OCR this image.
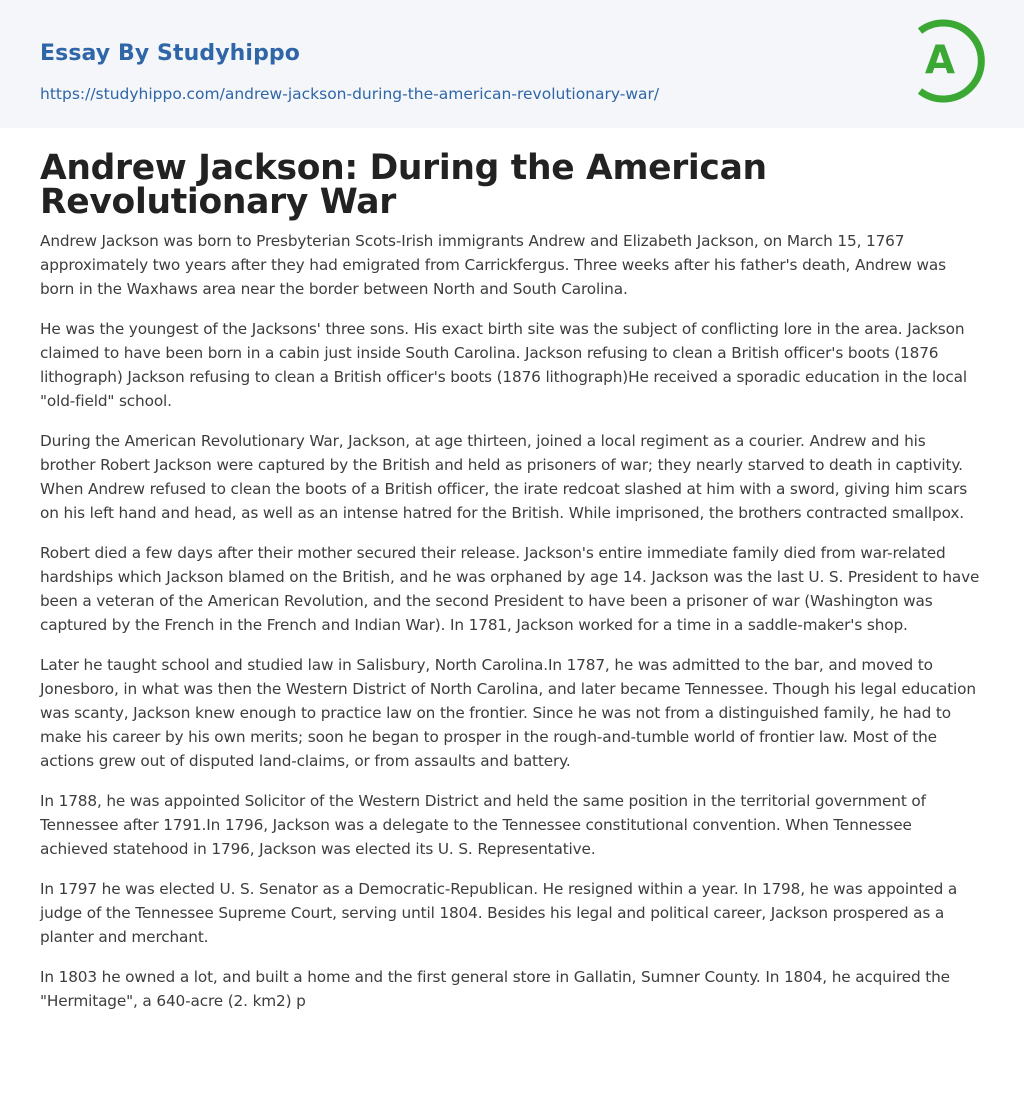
Essay By Studyhippo

https://studyhippo.com/andrew-jackson-during-the-american-revolutionary-war/
A
Andrew Jackson: During the American Revolutionary War

Andrew Jackson was born to Presbyterian Scots-Irish immigrants Andrew and Elizabeth Jackson, on March 15, 1767 approximately two years after they had emigrated from Carrickfergus. Three weeks after his father's death, Andrew was born in the Waxhaws area near the border between North and South Carolina.

He was the youngest of the Jacksons' three sons. His exact birth site was the subject of conflicting lore in the area. Jackson claimed to have been born in a cabin just inside South Carolina. Jackson refusing to clean a British officer's boots (1876 lithograph) Jackson refusing to clean a British officer's boots (1876 lithograph)He received a sporadic education in the local "old-field" school.

During the American Revolutionary War, Jackson, at age thirteen, joined a local regiment as a courier. Andrew and his brother Robert Jackson were captured by the British and held as prisoners of war; they nearly starved to death in captivity. When Andrew refused to clean the boots of a British officer, the irate redcoat slashed at him with a sword, giving him scars on his left hand and head, as well as an intense hatred for the British. While imprisoned, the brothers contracted smallpox.

Robert died a few days after their mother secured their release. Jackson's entire immediate family died from war-related hardships which Jackson blamed on the British, and he was orphaned by age 14. Jackson was the last U. S. President to have been a veteran of the American Revolution, and the second President to have been a prisoner of war (Washington was captured by the French in the French and Indian War). In 1781, Jackson worked for a time in a saddle-maker's shop.

Later he taught school and studied law in Salisbury, North Carolina.In 1787, he was admitted to the bar, and moved to Jonesboro, in what was then the Western District of North Carolina, and later became Tennessee. Though his legal education was scanty, Jackson knew enough to practice law on the frontier. Since he was not from a distinguished family, he had to make his career by his own merits; soon he began to prosper in the rough-and-tumble world of frontier law. Most of the actions grew out of disputed land-claims, or from assaults and battery.

In 1788, he was appointed Solicitor of the Western District and held the same position in the territorial government of Tennessee after 1791.In 1796, Jackson was a delegate to the Tennessee constitutional convention. When Tennessee achieved statehood in 1796, Jackson was elected its U. S. Representative.

In 1797 he was elected U. S. Senator as a Democratic-Republican. He resigned within a year. In 1798, he was appointed a judge of the Tennessee Supreme Court, serving until 1804. Besides his legal and political career, Jackson prospered as a planter and merchant.

In 1803 he owned a lot, and built a home and the first general store in Gallatin, Sumner County. In 1804, he acquired the "Hermitage", a 640-acre (2. km2) p
